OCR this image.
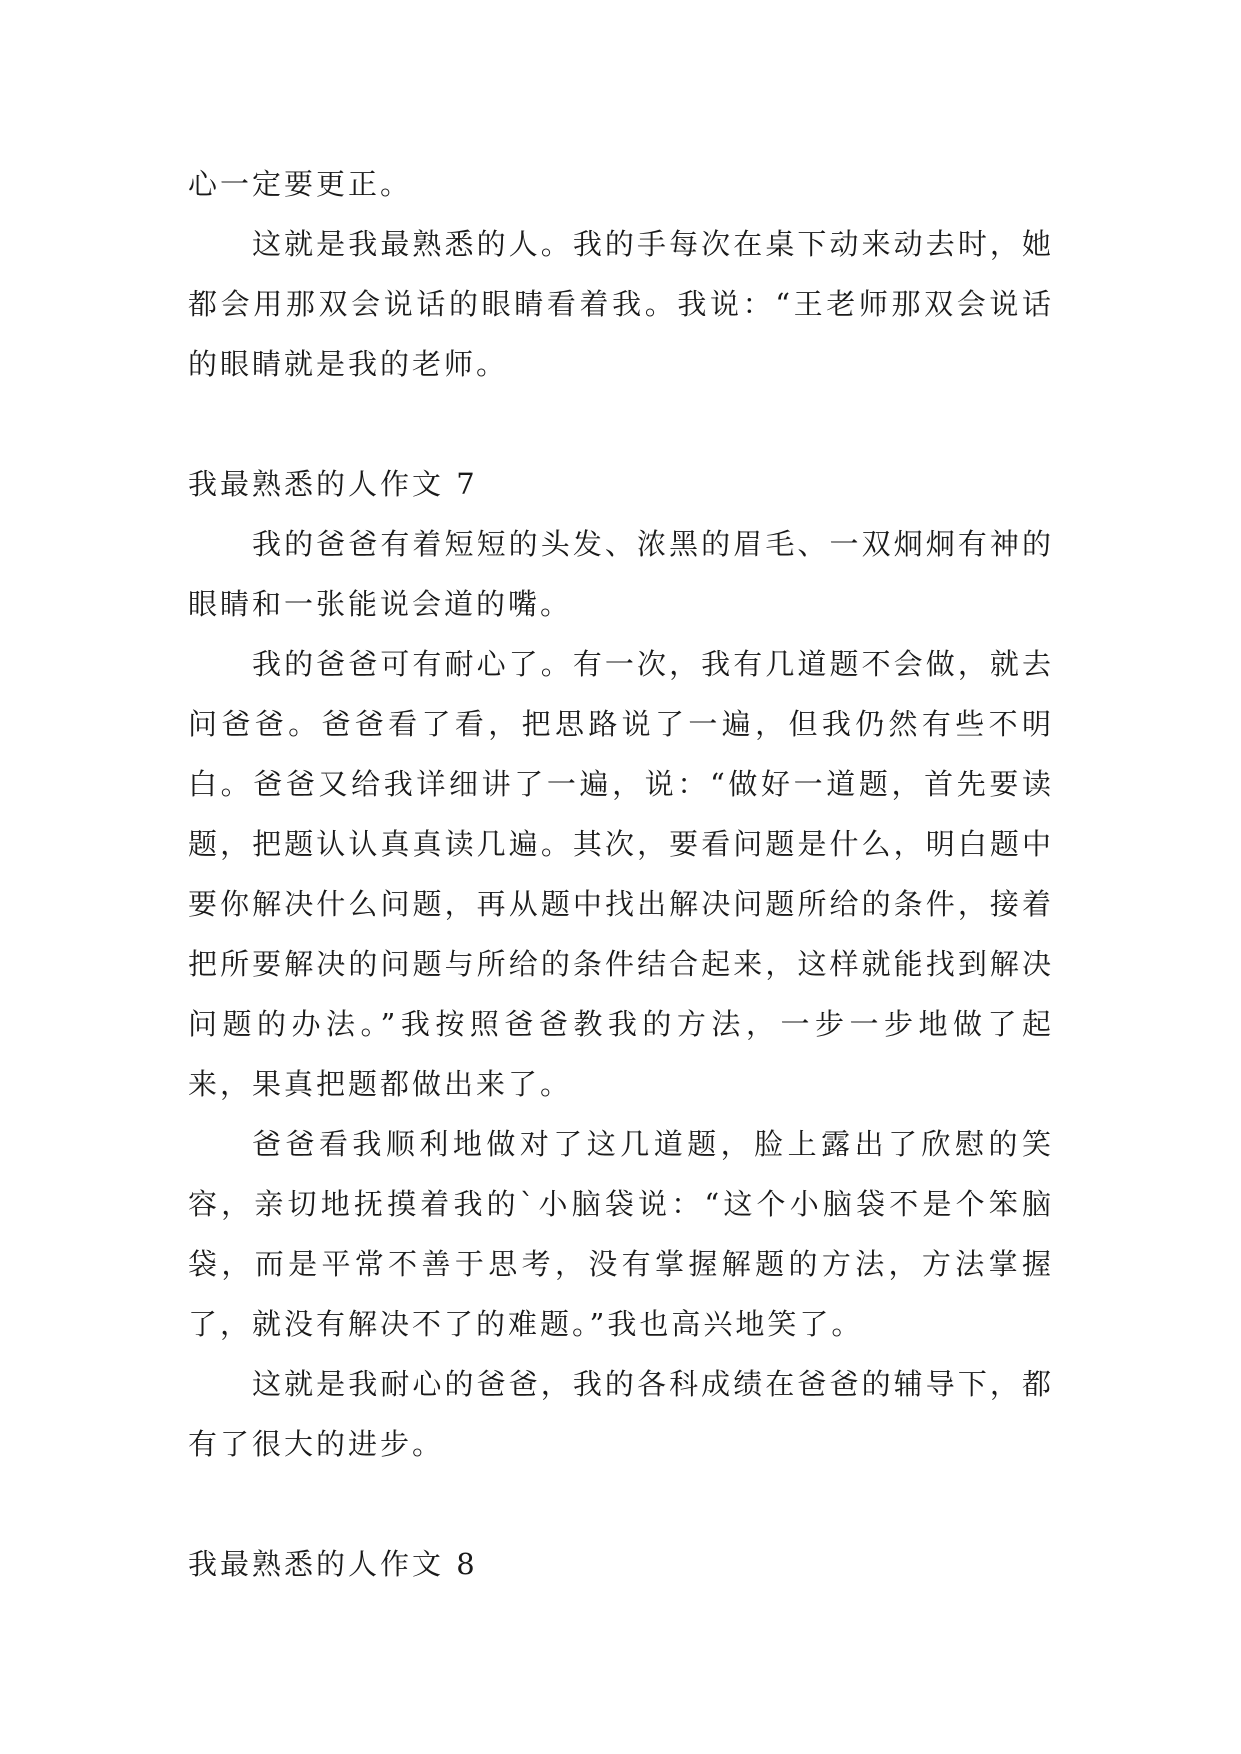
心一定要更正。

这就是我最熟悉的人。我的手每次在桌下动来动去时，她都会用那双会说话的眼睛看着我。我说：“王老师那双会说话的眼睛就是我的老师。

我最熟悉的人作文 7

我的爸爸有着短短的头发、浓黑的眉毛、一双炯炯有神的眼睛和一张能说会道的嘴。

我的爸爸可有耐心了。有一次，我有几道题不会做，就去问爸爸。爸爸看了看，把思路说了一遍，但我仍然有些不明白。爸爸又给我详细讲了一遍，说：“做好一道题，首先要读题，把题认认真真读几遍。其次，要看问题是什么，明白题中要你解决什么问题，再从题中找出解决问题所给的条件，接着把所要解决的问题与所给的条件结合起来，这样就能找到解决问题的办法。”我按照爸爸教我的方法，一步一步地做了起来，果真把题都做出来了。

爸爸看我顺利地做对了这几道题，脸上露出了欣慰的笑容，亲切地抚摸着我的`小脑袋说：“这个小脑袋不是个笨脑袋，而是平常不善于思考，没有掌握解题的方法，方法掌握了，就没有解决不了的难题。”我也高兴地笑了。

这就是我耐心的爸爸，我的各科成绩在爸爸的辅导下，都有了很大的进步。

我最熟悉的人作文 8
